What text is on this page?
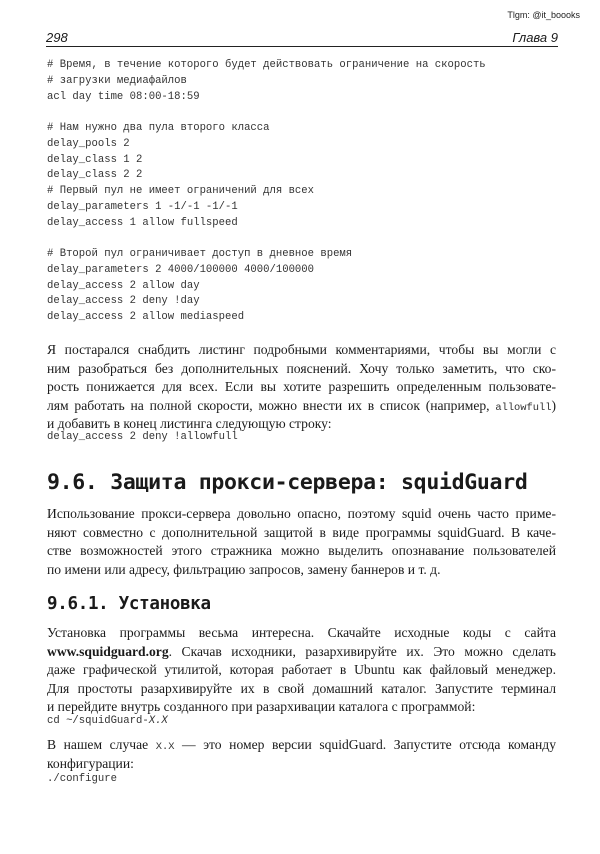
Tlgm: @it_boooks
298	Глава 9
# Время, в течение которого будет действовать ограничение на скорость
# загрузки медиафайлов
acl day time 08:00-18:59

# Нам нужно два пула второго класса
delay_pools 2
delay_class 1 2
delay_class 2 2
# Первый пул не имеет ограничений для всех
delay_parameters 1 -1/-1 -1/-1
delay_access 1 allow fullspeed

# Второй пул ограничивает доступ в дневное время
delay_parameters 2 4000/100000 4000/100000
delay_access 2 allow day
delay_access 2 deny !day
delay_access 2 allow mediaspeed
Я постарался снабдить листинг подробными комментариями, чтобы вы могли с
ним разобраться без дополнительных пояснений. Хочу только заметить, что ско-
рость понижается для всех. Если вы хотите разрешить определенным пользовате-
лям работать на полной скорости, можно внести их в список (например, allowfull)
и добавить в конец листинга следующую строку:
delay_access 2 deny !allowfull
9.6. Защита прокси-сервера: squidGuard
Использование прокси-сервера довольно опасно, поэтому squid очень часто приме-
няют совместно с дополнительной защитой в виде программы squidGuard. В каче-
стве возможностей этого стражника можно выделить опознавание пользователей
по имени или адресу, фильтрацию запросов, замену баннеров и т. д.
9.6.1. Установка
Установка программы весьма интересна. Скачайте исходные коды с сайта
www.squidguard.org. Скачав исходники, разархивируйте их. Это можно сделать
даже графической утилитой, которая работает в Ubuntu как файловый менеджер.
Для простоты разархивируйте их в свой домашний каталог. Запустите терминал
и перейдите внутрь созданного при разархивации каталога с программой:
cd ~/squidGuard-X.X
В нашем случае X.X — это номер версии squidGuard. Запустите отсюда команду
конфигурации:
./configure
